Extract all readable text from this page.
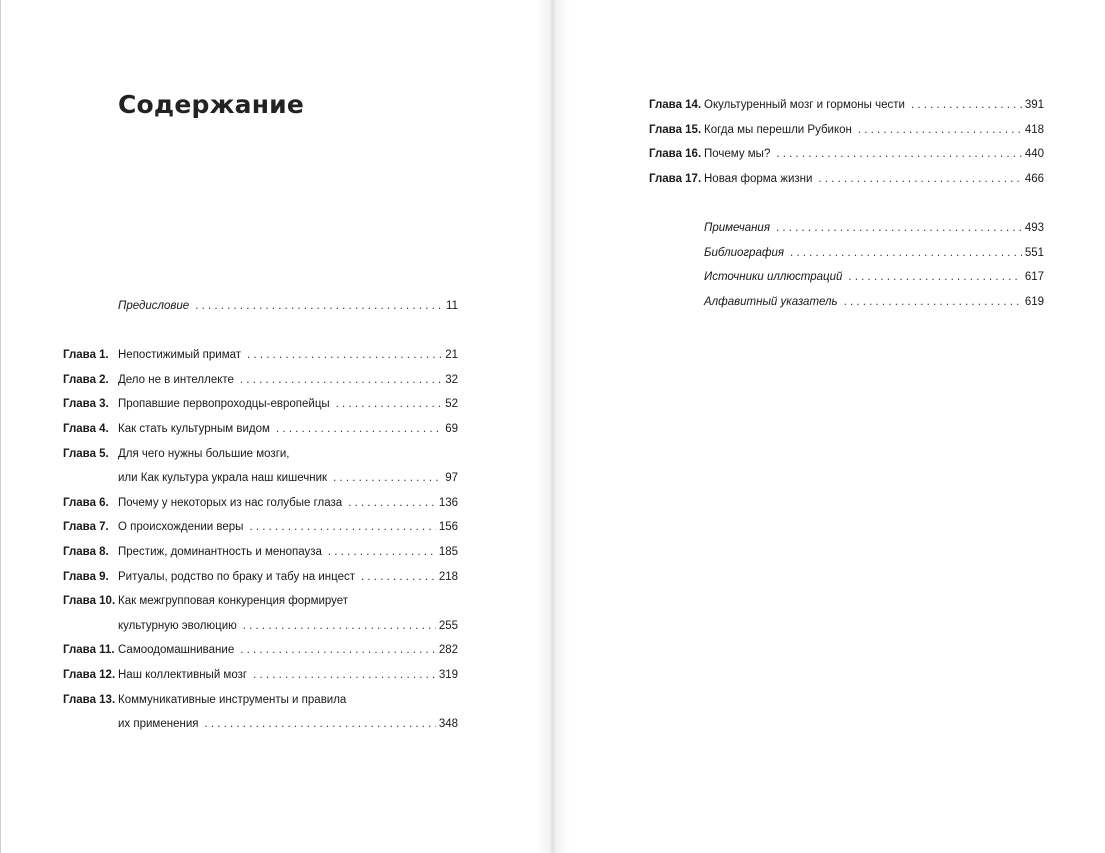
Содержание
Предисловие . . .	11
Глава 1. Непостижимый примат . . .	21
Глава 2. Дело не в интеллекте . . .	32
Глава 3. Пропавшие первопроходцы-европейцы . . .	52
Глава 4. Как стать культурным видом . . .	69
Глава 5. Для чего нужны большие мозги,
или Как культура украла наш кишечник . . .	97
Глава 6. Почему у некоторых из нас голубые глаза . . .	136
Глава 7. О происхождении веры . . .	156
Глава 8. Престиж, доминантность и менопауза . . .	185
Глава 9. Ритуалы, родство по браку и табу на инцест . . .	218
Глава 10. Как межгрупповая конкуренция формирует
культурную эволюцию . . .	255
Глава 11. Самоодомашнивание . . .	282
Глава 12. Наш коллективный мозг . . .	319
Глава 13. Коммуникативные инструменты и правила
их применения . . .	348
Глава 14. Окультуренный мозг и гормоны чести . . .	391
Глава 15. Когда мы перешли Рубикон . . .	418
Глава 16. Почему мы? . . .	440
Глава 17. Новая форма жизни . . .	466
Примечания . . .	493
Библиография . . .	551
Источники иллюстраций . . .	617
Алфавитный указатель . . .	619
